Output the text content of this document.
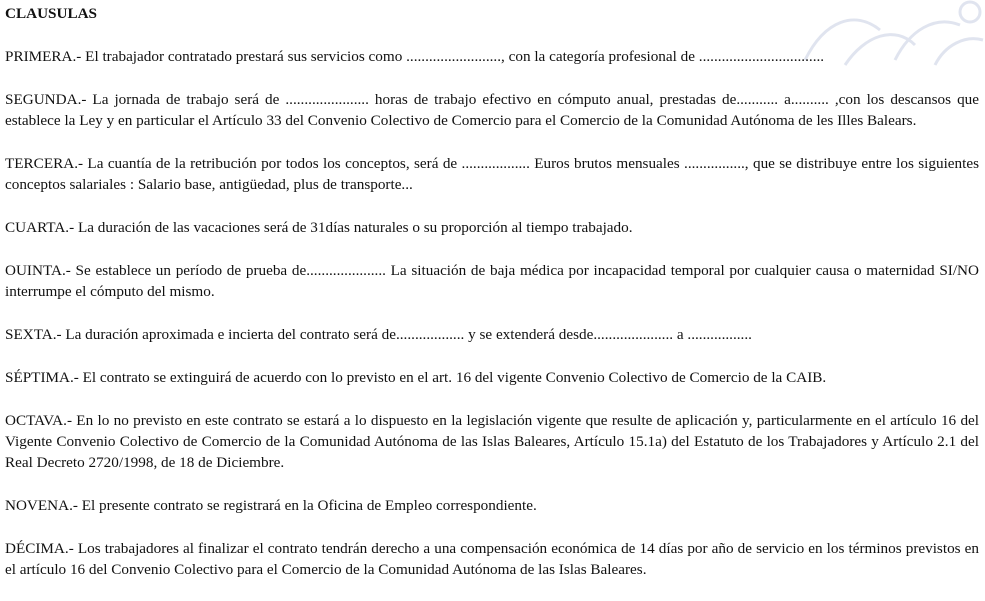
CLAUSULAS

PRIMERA.- El trabajador contratado prestará sus servicios como ........................., con la categoría profesional de .................................

SEGUNDA.- La jornada de trabajo será de ...................... horas de trabajo efectivo en cómputo anual, prestadas de........... a.......... ,con los descansos que establece la Ley y en particular el Artículo 33 del Convenio Colectivo de Comercio para el Comercio de la Comunidad Autónoma de les Illes Balears.

TERCERA.- La cuantía de la retribución por todos los conceptos, será de .................. Euros brutos mensuales ................, que se distribuye entre los siguientes conceptos salariales : Salario base, antigüedad, plus de transporte...

CUARTA.- La duración de las vacaciones será de 31días naturales o su proporción al tiempo trabajado.

OUINTA.- Se establece un período de prueba de..................... La situación de baja médica por incapacidad temporal por cualquier causa o maternidad SI/NO interrumpe el cómputo del mismo.

SEXTA.- La duración aproximada e incierta del contrato será de.................. y se extenderá desde..................... a .................

SÉPTIMA.- El contrato se extinguirá de acuerdo con lo previsto en el art. 16 del vigente Convenio Colectivo de Comercio de la CAIB.

OCTAVA.- En lo no previsto en este contrato se estará a lo dispuesto en la legislación vigente que resulte de aplicación y, particularmente en el artículo 16 del Vigente Convenio Colectivo de Comercio de la Comunidad Autónoma de las Islas Baleares, Artículo 15.1a) del Estatuto de los Trabajadores y Artículo 2.1 del Real Decreto 2720/1998, de 18 de Diciembre.

NOVENA.- El presente contrato se registrará en la Oficina de Empleo correspondiente.

DÉCIMA.- Los trabajadores al finalizar el contrato tendrán derecho a una compensación económica de 14 días por año de servicio en los términos previstos en el artículo 16 del Convenio Colectivo para el Comercio de la Comunidad Autónoma de las Islas Baleares.
